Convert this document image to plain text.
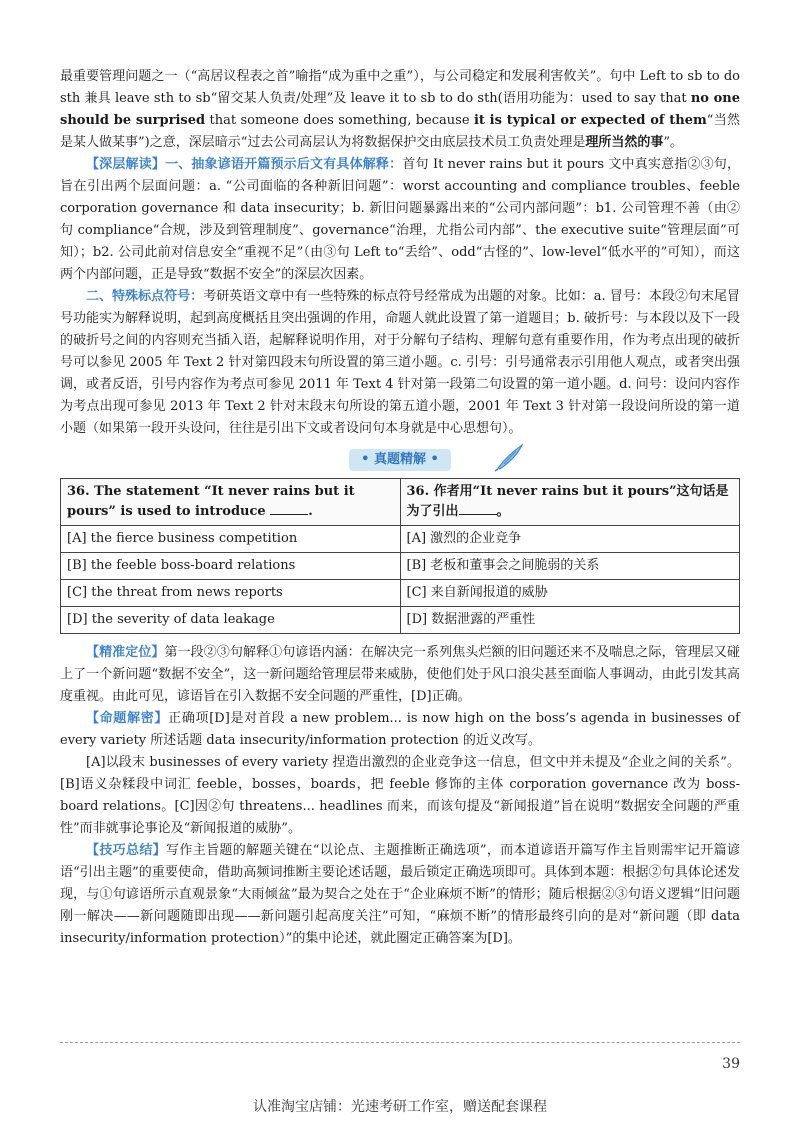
最重要管理问题之一（“高居议程表之首”喻指“成为重中之重”），与公司稳定和发展利害攸关”。句中 Left to sb to do sth 兼具 leave sth to sb“留交某人负责/处理”及 leave it to sb to do sth(语用功能为：used to say that no one should be surprised that someone does something, because it is typical or expected of them“当然是某人做某事”)之意，深层暗示“过去公司高层认为将数据保护交由底层技术员工负责处理是理所当然的事”。

【深层解读】一、抽象谚语开篇预示后文有具体解释：首句 It never rains but it pours 文中真实意指②③句，旨在引出两个层面问题：a. “公司面临的各种新旧问题”：worst accounting and compliance troubles、feeble corporation governance 和 data insecurity；b. 新旧问题暴露出来的“公司内部问题”：b1. 公司管理不善（由②句 compliance“合规，涉及到管理制度”、governance“治理，尤指公司内部”、the executive suite“管理层面”可知）；b2. 公司此前对信息安全“重视不足”（由③句 Left to“丢给”、odd“古怪的”、low-level“低水平的”可知），而这两个内部问题，正是导致“数据不安全”的深层次因素。

二、特殊标点符号：考研英语文章中有一些特殊的标点符号经常成为出题的对象。比如：a. 冒号：本段②句末尾冒号功能实为解释说明，起到高度概括且突出强调的作用，命题人就此设置了第一道题目；b. 破折号：与本段以及下一段的破折号之间的内容则充当插入语，起解释说明作用，对于分解句子结构、理解句意有重要作用，作为考点出现的破折号可以参见 2005 年 Text 2 针对第四段末句所设置的第三道小题。c. 引号：引号通常表示引用他人观点，或者突出强调，或者反语，引号内容作为考点可参见 2011 年 Text 4 针对第一段第二句设置的第一道小题。d. 问号：设问内容作为考点出现可参见 2013 年 Text 2 针对末段末句所设的第五道小题，2001 年 Text 3 针对第一段设问所设的第一道小题（如果第一段开头设问，往往是引出下文或者设问句本身就是中心思想句）。

• 真题精解 •
36. The statement “It never rains but it pours” is used to introduce .	36. 作者用“It never rains but it pours”这句话是为了引出 。
[A] the fierce business competition	[A] 激烈的企业竞争
[B] the feeble boss-board relations	[B] 老板和董事会之间脆弱的关系
[C] the threat from news reports	[C] 来自新闻报道的威胁
[D] the severity of data leakage	[D] 数据泄露的严重性

【精准定位】第一段②③句解释①句谚语内涵：在解决完一系列焦头烂额的旧问题还来不及喘息之际，管理层又碰上了一个新问题“数据不安全”，这一新问题给管理层带来威胁，使他们处于风口浪尖甚至面临人事调动，由此引发其高度重视。由此可见，谚语旨在引入数据不安全问题的严重性，[D]正确。

【命题解密】正确项[D]是对首段 a new problem... is now high on the boss’s agenda in businesses of every variety 所述话题 data insecurity/information protection 的近义改写。

[A]以段末 businesses of every variety 捏造出激烈的企业竞争这一信息，但文中并未提及“企业之间的关系”。[B]语义杂糅段中词汇 feeble，bosses，boards，把 feeble 修饰的主体 corporation governance 改为 boss-board relations。[C]因②句 threatens... headlines 而来，而该句提及“新闻报道”旨在说明“数据安全问题的严重性”而非就事论事论及“新闻报道的威胁”。

【技巧总结】写作主旨题的解题关键在“以论点、主题推断正确选项”，而本道谚语开篇写作主旨则需牢记开篇谚语“引出主题”的重要使命，借助高频词推断主要论述话题，最后锁定正确选项即可。具体到本题：根据②句具体论述发现，与①句谚语所示直观景象“大雨倾盆”最为契合之处在于“企业麻烦不断”的情形；随后根据②③句语义逻辑“旧问题刚一解决——新问题随即出现——新问题引起高度关注”可知，“麻烦不断”的情形最终引向的是对“新问题（即 data insecurity/information protection）”的集中论述，就此圈定正确答案为[D]。

39
认准淘宝店铺：光速考研工作室，赠送配套课程
